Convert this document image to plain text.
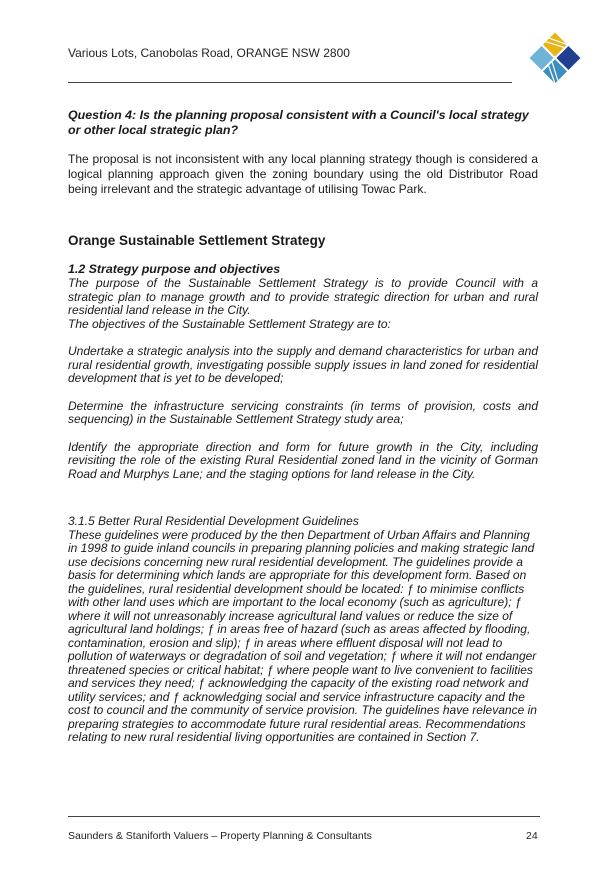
Various Lots, Canobolas Road, ORANGE NSW 2800

Question 4: Is the planning proposal consistent with a Council's local strategy or other local strategic plan?

The proposal is not inconsistent with any local planning strategy though is considered a logical planning approach given the zoning boundary using the old Distributor Road being irrelevant and the strategic advantage of utilising Towac Park.

Orange Sustainable Settlement Strategy
1.2 Strategy purpose and objectives

The purpose of the Sustainable Settlement Strategy is to provide Council with a strategic plan to manage growth and to provide strategic direction for urban and rural residential land release in the City.

The objectives of the Sustainable Settlement Strategy are to:

Undertake a strategic analysis into the supply and demand characteristics for urban and rural residential growth, investigating possible supply issues in land zoned for residential development that is yet to be developed;

Determine the infrastructure servicing constraints (in terms of provision, costs and sequencing) in the Sustainable Settlement Strategy study area;

Identify the appropriate direction and form for future growth in the City, including revisiting the role of the existing Rural Residential zoned land in the vicinity of Gorman Road and Murphys Lane; and the staging options for land release in the City.

3.1.5 Better Rural Residential Development Guidelines

These guidelines were produced by the then Department of Urban Affairs and Planning in 1998 to guide inland councils in preparing planning policies and making strategic land use decisions concerning new rural residential development. The guidelines provide a basis for determining which lands are appropriate for this development form. Based on the guidelines, rural residential development should be located: ƒ to minimise conflicts with other land uses which are important to the local economy (such as agriculture); ƒ where it will not unreasonably increase agricultural land values or reduce the size of agricultural land holdings; ƒ in areas free of hazard (such as areas affected by flooding, contamination, erosion and slip); ƒ in areas where effluent disposal will not lead to pollution of waterways or degradation of soil and vegetation; ƒ where it will not endanger threatened species or critical habitat; ƒ where people want to live convenient to facilities and services they need; ƒ acknowledging the capacity of the existing road network and utility services; and ƒ acknowledging social and service infrastructure capacity and the cost to council and the community of service provision. The guidelines have relevance in preparing strategies to accommodate future rural residential areas. Recommendations relating to new rural residential living opportunities are contained in Section 7.

Saunders & Staniforth Valuers – Property Planning & Consultants	24
